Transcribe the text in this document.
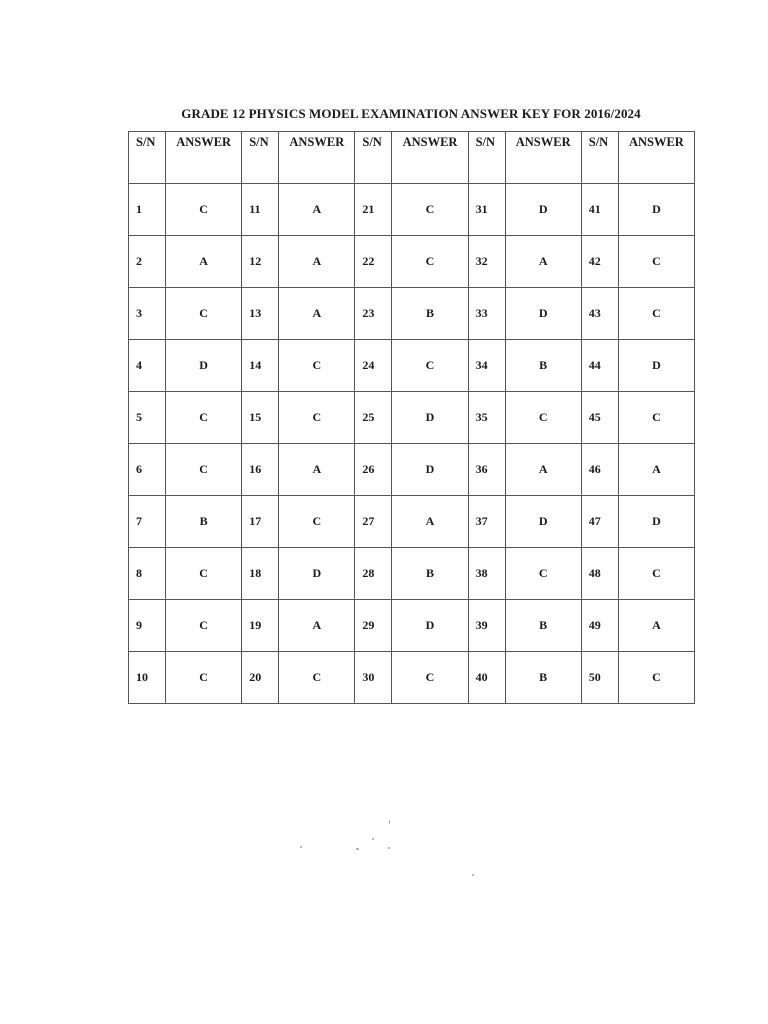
GRADE 12 PHYSICS MODEL EXAMINATION ANSWER KEY FOR 2016/2024
S/N	ANSWER	S/N	ANSWER	S/N	ANSWER	S/N	ANSWER	S/N	ANSWER
1	C	11	A	21	C	31	D	41	D
2	A	12	A	22	C	32	A	42	C
3	C	13	A	23	B	33	D	43	C
4	D	14	C	24	C	34	B	44	D
5	C	15	C	25	D	35	C	45	C
6	C	16	A	26	D	36	A	46	A
7	B	17	C	27	A	37	D	47	D
8	C	18	D	28	B	38	C	48	C
9	C	19	A	29	D	39	B	49	A
10	C	20	C	30	C	40	B	50	C
